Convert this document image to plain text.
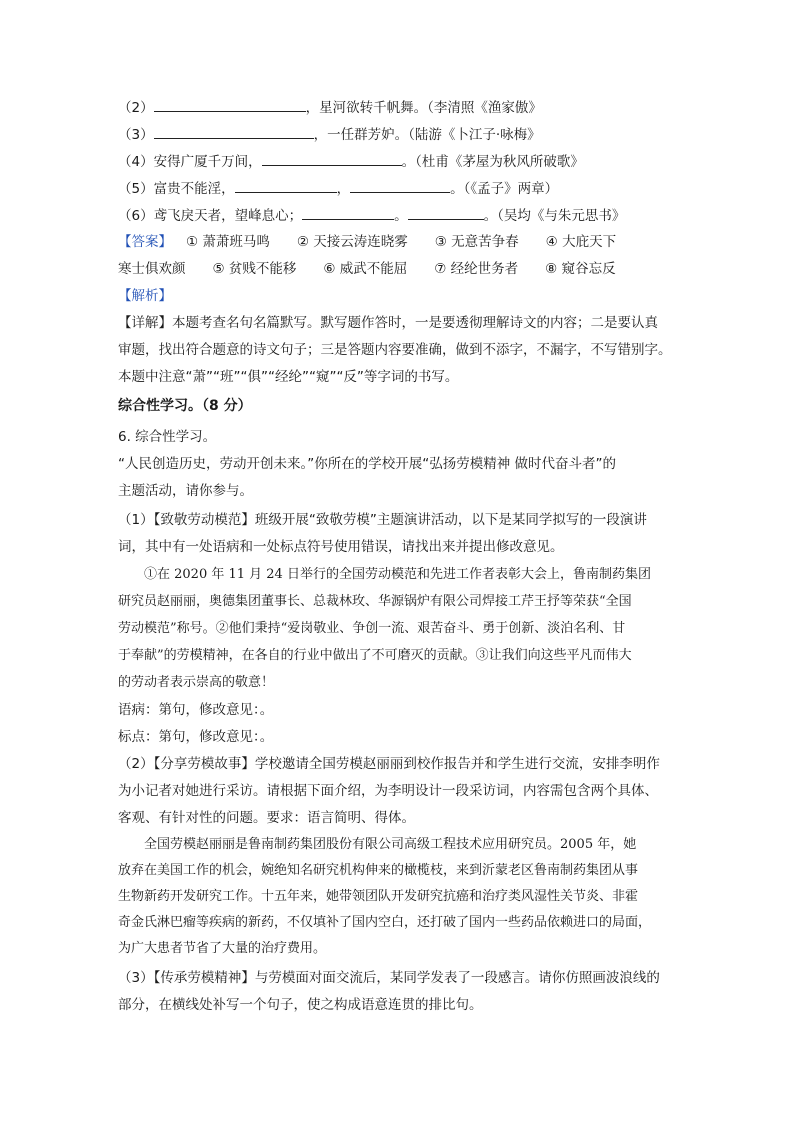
（2）	，星河欲转千帆舞。（李清照《渔家傲》
（3）	，一任群芳妒。（陆游《卜江子·咏梅》
（4）安得广厦千万间，	。（杜甫《茅屋为秋风所破歌》
（5）富贵不能淫，	，	。（《孟子》两章）
（6）鸢飞戾天者，望峰息心；	。	。（吴均《与朱元思书》
【答案】 ① 萧萧班马鸣　　② 天接云涛连晓雾　　③ 无意苦争春　　④ 大庇天下
寒士俱欢颜　　⑤ 贫贱不能移　　⑥ 威武不能屈　　⑦ 经纶世务者　　⑧ 窥谷忘反
【解析】
【详解】本题考查名句名篇默写。默写题作答时，一是要透彻理解诗文的内容；二是要认真
审题，找出符合题意的诗文句子；三是答题内容要准确，做到不添字，不漏字，不写错别字。
本题中注意“萧”“班”“俱”“经纶”“窥”“反”等字词的书写。
综合性学习。（8 分）
6. 综合性学习。
“人民创造历史，劳动开创未来。”你所在的学校开展“弘扬劳模精神 做时代奋斗者”的
主题活动，请你参与。
（1）【致敬劳动模范】班级开展“致敬劳模”主题演讲活动，以下是某同学拟写的一段演讲
词，其中有一处语病和一处标点符号使用错误，请找出来并提出修改意见。
　　①在 2020 年 11 月 24 日举行的全国劳动模范和先进工作者表彰大会上，鲁南制药集团
研究员赵丽丽，奥德集团董事长、总裁林玫、华源锅炉有限公司焊接工芹王抒等荣获“全国
劳动模范”称号。②他们秉持“爱岗敬业、争创一流、艰苦奋斗、勇于创新、淡泊名利、甘
于奉献”的劳模精神，在各自的行业中做出了不可磨灭的贡献。③让我们向这些平凡而伟大
的劳动者表示崇高的敬意！
语病：第句，修改意见：。
标点：第句，修改意见：。
（2）【分享劳模故事】学校邀请全国劳模赵丽丽到校作报告并和学生进行交流，安排李明作
为小记者对她进行采访。请根据下面介绍，为李明设计一段采访词，内容需包含两个具体、
客观、有针对性的问题。要求：语言简明、得体。
　　全国劳模赵丽丽是鲁南制药集团股份有限公司高级工程技术应用研究员。2005 年，她
放弃在美国工作的机会，婉绝知名研究机构伸来的橄榄枝，来到沂蒙老区鲁南制药集团从事
生物新药开发研究工作。十五年来，她带领团队开发研究抗癌和治疗类风湿性关节炎、非霍
奇金氏淋巴瘤等疾病的新药，不仅填补了国内空白，还打破了国内一些药品依赖进口的局面，
为广大患者节省了大量的治疗费用。
（3）【传承劳模精神】与劳模面对面交流后，某同学发表了一段感言。请你仿照画波浪线的
部分，在横线处补写一个句子，使之构成语意连贯的排比句。
